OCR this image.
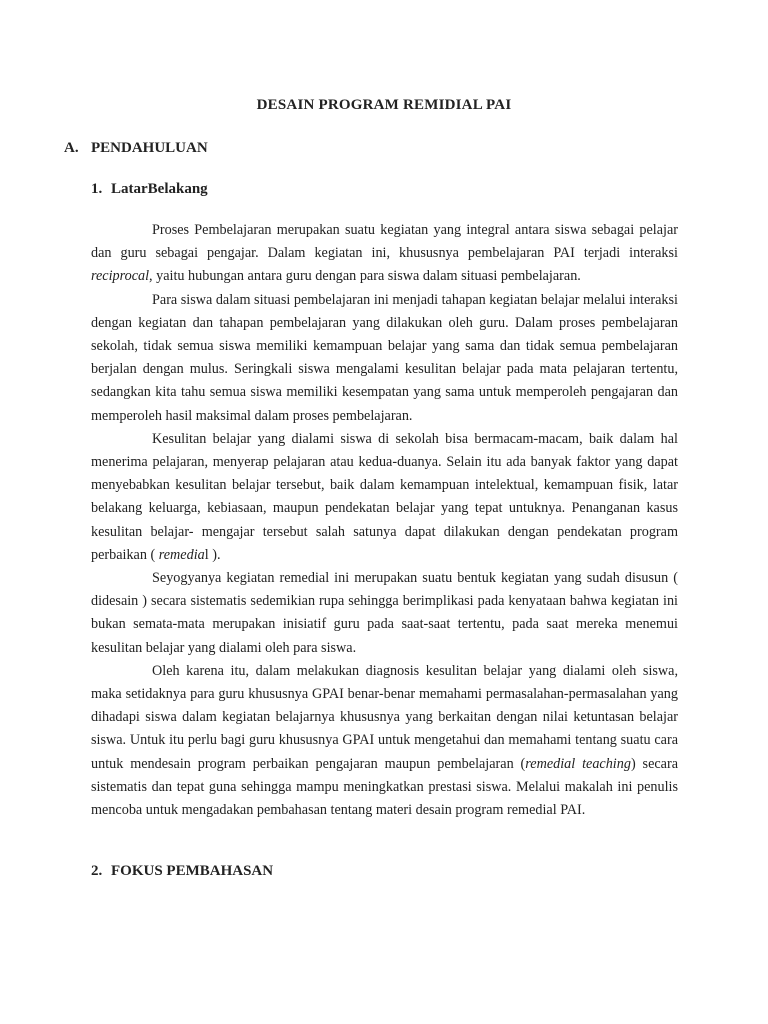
DESAIN PROGRAM REMIDIAL PAI
A. PENDAHULUAN
1. LatarBelakang

Proses Pembelajaran merupakan suatu kegiatan yang integral antara siswa sebagai pelajar dan guru sebagai pengajar. Dalam kegiatan ini, khususnya pembelajaran PAI terjadi interaksi reciprocal, yaitu hubungan antara guru dengan para siswa dalam situasi pembelajaran.

Para siswa dalam situasi pembelajaran ini menjadi tahapan kegiatan belajar melalui interaksi dengan kegiatan dan tahapan pembelajaran yang dilakukan oleh guru. Dalam proses pembelajaran sekolah, tidak semua siswa memiliki kemampuan belajar yang sama dan tidak semua pembelajaran berjalan dengan mulus. Seringkali siswa mengalami kesulitan belajar pada mata pelajaran tertentu, sedangkan kita tahu semua siswa memiliki kesempatan yang sama untuk memperoleh pengajaran dan memperoleh hasil maksimal dalam proses pembelajaran.

Kesulitan belajar yang dialami siswa di sekolah bisa bermacam-macam, baik dalam hal menerima pelajaran, menyerap pelajaran atau kedua-duanya. Selain itu ada banyak faktor yang dapat menyebabkan kesulitan belajar tersebut, baik dalam kemampuan intelektual, kemampuan fisik, latar belakang keluarga, kebiasaan, maupun pendekatan belajar yang tepat untuknya. Penanganan kasus kesulitan belajar- mengajar tersebut salah satunya dapat dilakukan dengan pendekatan program perbaikan ( remedial ).

Seyogyanya kegiatan remedial ini merupakan suatu bentuk kegiatan yang sudah disusun ( didesain ) secara sistematis sedemikian rupa sehingga berimplikasi pada kenyataan bahwa kegiatan ini bukan semata-mata merupakan inisiatif guru pada saat-saat tertentu, pada saat mereka menemui kesulitan belajar yang dialami oleh para siswa.

Oleh karena itu, dalam melakukan diagnosis kesulitan belajar yang dialami oleh siswa, maka setidaknya para guru khususnya GPAI benar-benar memahami permasalahan-permasalahan yang dihadapi siswa dalam kegiatan belajarnya khususnya yang berkaitan dengan nilai ketuntasan belajar siswa. Untuk itu perlu bagi guru khususnya GPAI untuk mengetahui dan memahami tentang suatu cara untuk mendesain program perbaikan pengajaran maupun pembelajaran (remedial teaching) secara sistematis dan tepat guna sehingga mampu meningkatkan prestasi siswa. Melalui makalah ini penulis mencoba untuk mengadakan pembahasan tentang materi desain program remedial PAI.

2. FOKUS PEMBAHASAN
